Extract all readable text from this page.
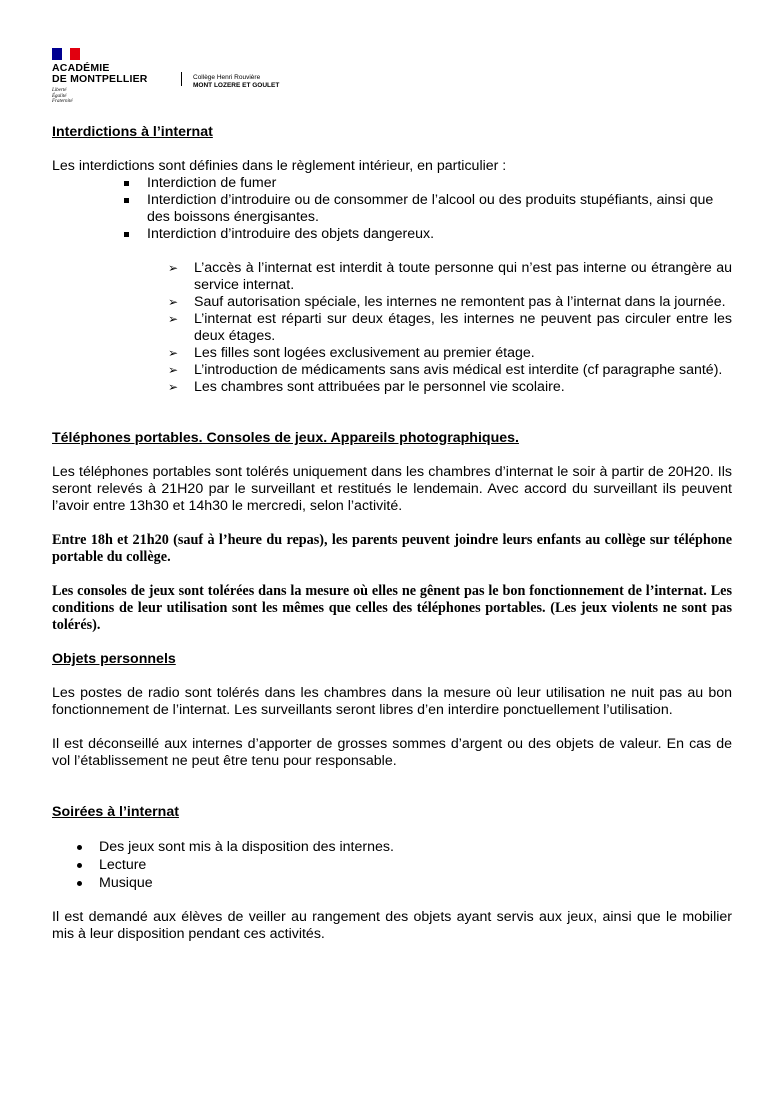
ACADÉMIE
DE MONTPELLIER
Liberté
Égalité
Fraternité
Collège Henri Rouvière
MONT LOZERE ET GOULET

Interdictions à l’internat

Les interdictions sont définies dans le règlement intérieur, en particulier :

Interdiction de fumer
Interdiction d’introduire ou de consommer de l’alcool ou des produits stupéfiants, ainsi que des boissons énergisantes.
Interdiction d’introduire des objets dangereux.
➢ L’accès à l’internat est interdit à toute personne qui n’est pas interne ou étrangère au service internat.
➢ Sauf autorisation spéciale, les internes ne remontent pas à l’internat dans la journée.
➢ L’internat est réparti sur deux étages, les internes ne peuvent pas circuler entre les deux étages.
➢ Les filles sont logées exclusivement au premier étage.
➢ L’introduction de médicaments sans avis médical est interdite (cf paragraphe santé).
➢ Les chambres sont attribuées par le personnel vie scolaire.

Téléphones portables. Consoles de jeux. Appareils photographiques.

Les téléphones portables sont tolérés uniquement dans les chambres d’internat le soir à partir de 20H20. Ils seront relevés à 21H20 par le surveillant et restitués le lendemain. Avec accord du surveillant ils peuvent l’avoir entre 13h30 et 14h30 le mercredi, selon l’activité.

Entre 18h et 21h20 (sauf à l’heure du repas), les parents peuvent joindre leurs enfants au collège sur téléphone portable du collège.

Les consoles de jeux sont tolérées dans la mesure où elles ne gênent pas le bon fonctionnement de l’internat. Les conditions de leur utilisation sont les mêmes que celles des téléphones portables. (Les jeux violents ne sont pas tolérés).

Objets personnels

Les postes de radio sont tolérés dans les chambres dans la mesure où leur utilisation ne nuit pas au bon fonctionnement de l’internat. Les surveillants seront libres d’en interdire ponctuellement l’utilisation.

Il est déconseillé aux internes d’apporter de grosses sommes d’argent ou des objets de valeur. En cas de vol l’établissement ne peut être tenu pour responsable.

Soirées à l’internat

Des jeux sont mis à la disposition des internes.
Lecture
Musique

Il est demandé aux élèves de veiller au rangement des objets ayant servis aux jeux, ainsi que le mobilier mis à leur disposition pendant ces activités.
